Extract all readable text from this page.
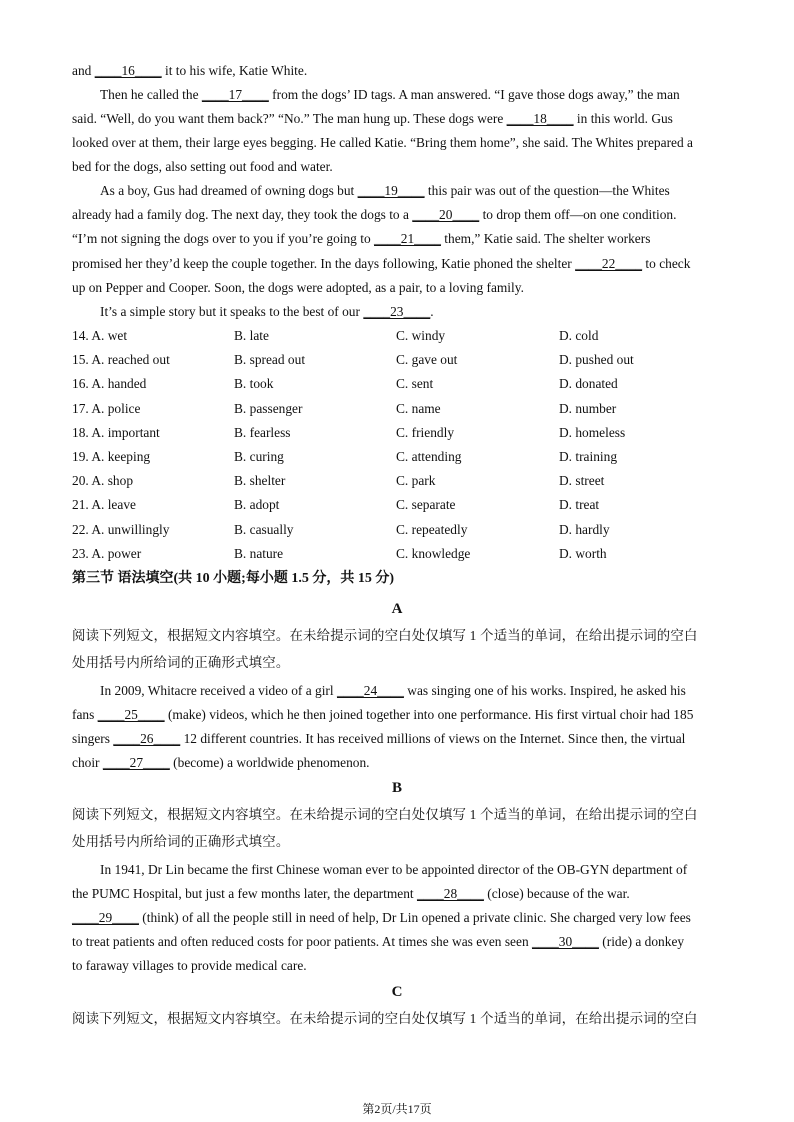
and ____16____ it to his wife, Katie White.
Then he called the ____17____ from the dogs’ ID tags. A man answered. “I gave those dogs away,” the man
said. “Well, do you want them back?” “No.” The man hung up. These dogs were ____18____ in this world. Gus
looked over at them, their large eyes begging. He called Katie. “Bring them home”, she said. The Whites prepared a
bed for the dogs, also setting out food and water.
As a boy, Gus had dreamed of owning dogs but ____19____ this pair was out of the question—the Whites
already had a family dog. The next day, they took the dogs to a ____20____ to drop them off—on one condition.
“I’m not signing the dogs over to you if you’re going to ____21____ them,” Katie said. The shelter workers
promised her they’d keep the couple together. In the days following, Katie phoned the shelter ____22____ to check
up on Pepper and Cooper. Soon, the dogs were adopted, as a pair, to a loving family.
It’s a simple story but it speaks to the best of our ____23____.
14. A. wet	B. late	C. windy	D. cold
15. A. reached out	B. spread out	C. gave out	D. pushed out
16. A. handed	B. took	C. sent	D. donated
17. A. police	B. passenger	C. name	D. number
18. A. important	B. fearless	C. friendly	D. homeless
19. A. keeping	B. curing	C. attending	D. training
20. A. shop	B. shelter	C. park	D. street
21. A. leave	B. adopt	C. separate	D. treat
22. A. unwillingly	B. casually	C. repeatedly	D. hardly
23. A. power	B. nature	C. knowledge	D. worth
第三节 语法填空(共 10 小题;每小题 1.5 分，共 15 分)
A
阅读下列短文，根据短文内容填空。在未给提示词的空白处仅填写 1 个适当的单词，在给出提示词的空白
处用括号内所给词的正确形式填空。
In 2009, Whitacre received a video of a girl ____24____ was singing one of his works. Inspired, he asked his
fans ____25____ (make) videos, which he then joined together into one performance. His first virtual choir had 185
singers ____26____ 12 different countries. It has received millions of views on the Internet. Since then, the virtual
choir ____27____ (become) a worldwide phenomenon.
B
阅读下列短文，根据短文内容填空。在未给提示词的空白处仅填写 1 个适当的单词，在给出提示词的空白
处用括号内所给词的正确形式填空。
In 1941, Dr Lin became the first Chinese woman ever to be appointed director of the OB-GYN department of
the PUMC Hospital, but just a few months later, the department ____28____ (close) because of the war.
____29____ (think) of all the people still in need of help, Dr Lin opened a private clinic. She charged very low fees
to treat patients and often reduced costs for poor patients. At times she was even seen ____30____ (ride) a donkey
to faraway villages to provide medical care.
C
阅读下列短文，根据短文内容填空。在未给提示词的空白处仅填写 1 个适当的单词，在给出提示词的空白
第2页/共17页
